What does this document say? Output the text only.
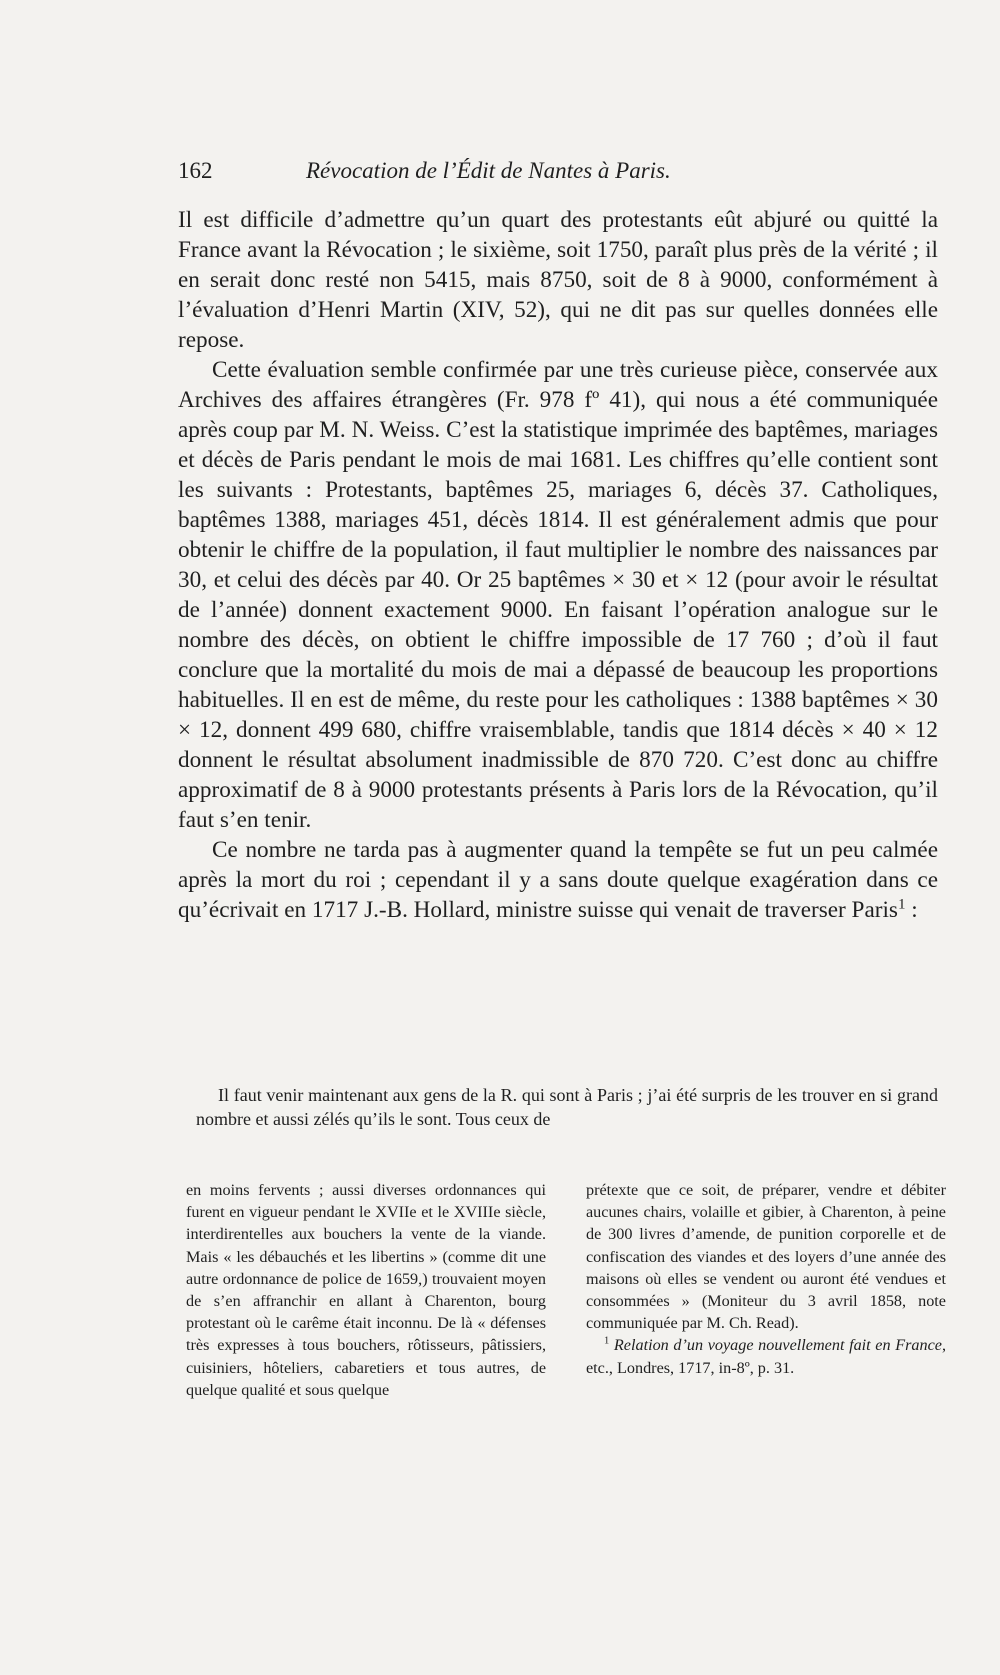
162	Révocation de l’Édit de Nantes à Paris.

Il est difficile d’admettre qu’un quart des protestants eût abjuré ou quitté la France avant la Révocation ; le sixième, soit 1750, paraît plus près de la vérité ; il en serait donc resté non 5415, mais 8750, soit de 8 à 9000, conformément à l’évaluation d’Henri Martin (XIV, 52), qui ne dit pas sur quelles données elle repose.

Cette évaluation semble confirmée par une très curieuse pièce, conservée aux Archives des affaires étrangères (Fr. 978 fº 41), qui nous a été communiquée après coup par M. N. Weiss. C’est la statistique imprimée des baptêmes, mariages et décès de Paris pendant le mois de mai 1681. Les chiffres qu’elle contient sont les suivants : Protestants, baptêmes 25, mariages 6, décès 37. Catholiques, baptêmes 1388, mariages 451, décès 1814. Il est généralement admis que pour obtenir le chiffre de la population, il faut multiplier le nombre des naissances par 30, et celui des décès par 40. Or 25 baptêmes × 30 et × 12 (pour avoir le résultat de l’année) donnent exactement 9000. En faisant l’opération analogue sur le nombre des décès, on obtient le chiffre impossible de 17 760 ; d’où il faut conclure que la mortalité du mois de mai a dépassé de beaucoup les proportions habituelles. Il en est de même, du reste pour les catholiques : 1388 baptêmes × 30 × 12, donnent 499 680, chiffre vraisemblable, tandis que 1814 décès × 40 × 12 donnent le résultat absolument inadmissible de 870 720. C’est donc au chiffre approximatif de 8 à 9000 protestants présents à Paris lors de la Révocation, qu’il faut s’en tenir.

Ce nombre ne tarda pas à augmenter quand la tempête se fut un peu calmée après la mort du roi ; cependant il y a sans doute quelque exagération dans ce qu’écrivait en 1717 J.-B. Hollard, ministre suisse qui venait de traverser Paris$^1$ :

Il faut venir maintenant aux gens de la R. qui sont à Paris ; j’ai été surpris de les trouver en si grand nombre et aussi zélés qu’ils le sont. Tous ceux de

en moins fervents ; aussi diverses ordonnances qui furent en vigueur pendant le XVIIe et le XVIIIe siècle, interdirentelles aux bouchers la vente de la viande. Mais « les débauchés et les libertins » (comme dit une autre ordonnance de police de 1659,) trouvaient moyen de s’en affranchir en allant à Charenton, bourg protestant où le carême était inconnu. De là « défenses très expresses à tous bouchers, rôtisseurs, pâtissiers, cuisiniers, hôteliers, cabaretiers et tous autres, de quelque qualité et sous quelque

prétexte que ce soit, de préparer, vendre et débiter aucunes chairs, volaille et gibier, à Charenton, à peine de 300 livres d’amende, de punition corporelle et de confiscation des viandes et des loyers d’une année des maisons où elles se vendent ou auront été vendues et consommées » (Moniteur du 3 avril 1858, note communiquée par M. Ch. Read).

$^1$ Relation d’un voyage nouvellement fait en France, etc., Londres, 1717, in-8º, p. 31.
